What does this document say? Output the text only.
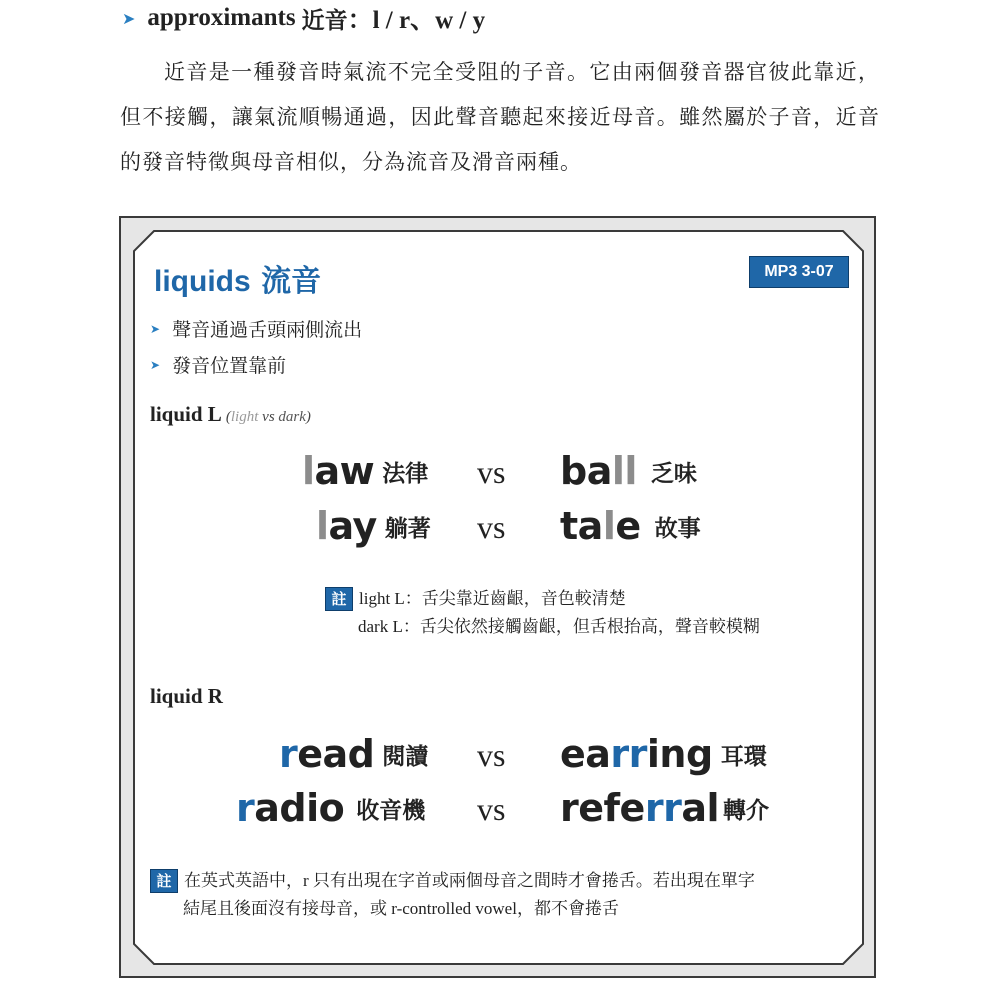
➤ approximants 近音 ：l / r、w / y
近音是一種發音時氣流不完全受阻的子音。它由兩個發音器官彼此靠近，但不接觸，讓氣流順暢通過，因此聲音聽起來接近母音。雖然屬於子音，近音的發音特徵與母音相似，分為流音及滑音兩種。
liquids 流音	MP3 3-07
➤ 聲音通過舌頭兩側流出
➤ 發音位置靠前
liquid L (light vs dark)
law 法律 vs ball 乏味
lay 躺著 vs tale 故事
註 light L：舌尖靠近齒齦，音色較清楚
dark L：舌尖依然接觸齒齦，但舌根抬高，聲音較模糊
liquid R
read 閱讀 vs earring 耳環
radio 收音機 vs referral 轉介
註 在英式英語中，r 只有出現在字首或兩個母音之間時才會捲舌。若出現在單字
結尾且後面沒有接母音，或 r-controlled vowel，都不會捲舌
